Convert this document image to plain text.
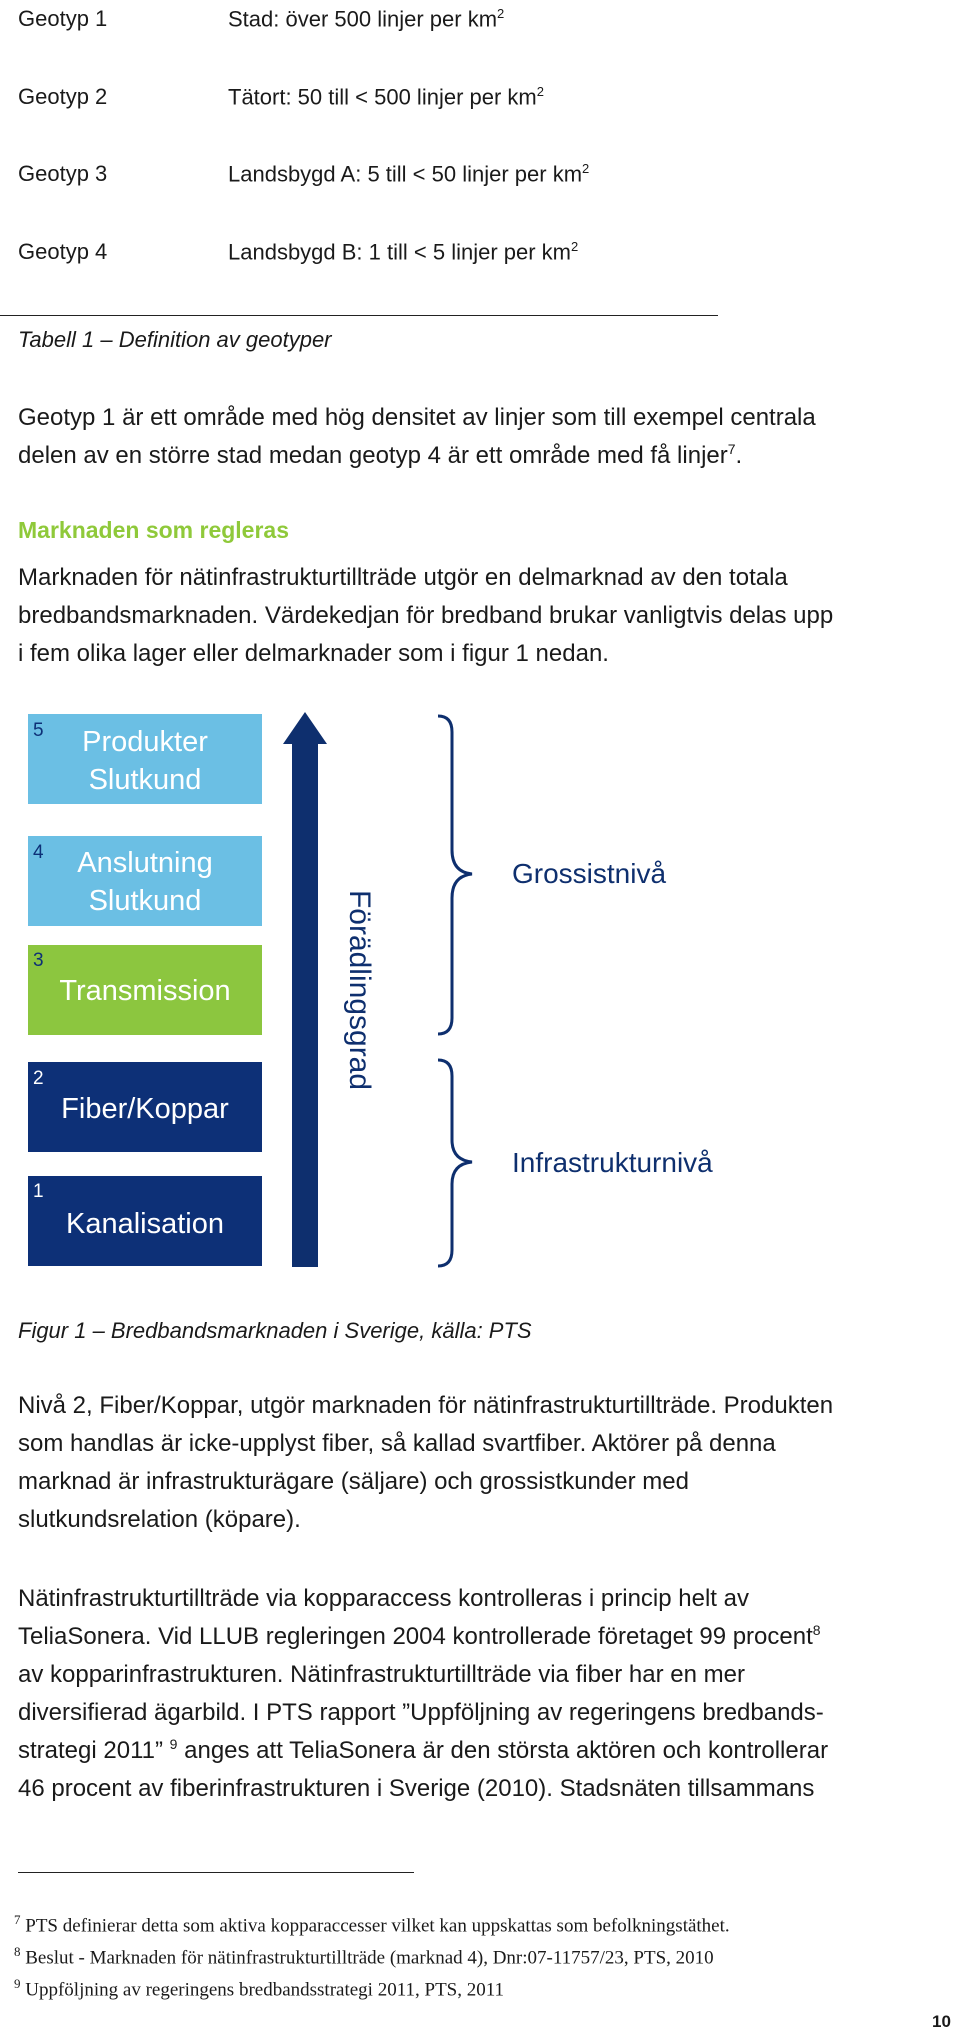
Geotyp 1	Stad: över 500 linjer per $km^2$
Geotyp 2	Tätort: 50 till < 500 linjer per $km^2$
Geotyp 3	Landsbygd A: 5 till < 50 linjer per $km^2$
Geotyp 4	Landsbygd B: 1 till < 5 linjer per $km^2$
Tabell 1 – Definition av geotyper
Geotyp 1 är ett område med hög densitet av linjer som till exempel centrala
delen av en större stad medan geotyp 4 är ett område med få linjer$^7$.
Marknaden som regleras
Marknaden för nätinfrastrukturtillträde utgör en delmarknad av den totala
bredbandsmarknaden. Värdekedjan för bredband brukar vanligtvis delas upp
i fem olika lager eller delmarknader som i figur 1 nedan.
5 Produkter
Slutkund
4 Anslutning
Slutkund
3
Transmission
2
Fiber/Koppar
1
Kanalisation
Förädlingsgrad
Grossistnivå
Infrastrukturnivå
Figur 1 – Bredbandsmarknaden i Sverige, källa: PTS
Nivå 2, Fiber/Koppar, utgör marknaden för nätinfrastrukturtillträde. Produkten
som handlas är icke-upplyst fiber, så kallad svartfiber. Aktörer på denna
marknad är infrastrukturägare (säljare) och grossistkunder med
slutkundsrelation (köpare).
Nätinfrastrukturtillträde via kopparaccess kontrolleras i princip helt av
TeliaSonera. Vid LLUB regleringen 2004 kontrollerade företaget 99 procent$^8$
av kopparinfrastrukturen. Nätinfrastrukturtillträde via fiber har en mer
diversifierad ägarbild. I PTS rapport ”Uppföljning av regeringens bredbands-
strategi 2011” $^9$ anges att TeliaSonera är den största aktören och kontrollerar
46 procent av fiberinfrastrukturen i Sverige (2010). Stadsnäten tillsammans
$^7$ PTS definierar detta som aktiva kopparaccesser vilket kan uppskattas som befolkningstäthet.
$^8$ Beslut - Marknaden för nätinfrastrukturtillträde (marknad 4), Dnr:07-11757/23, PTS, 2010
$^9$ Uppföljning av regeringens bredbandsstrategi 2011, PTS, 2011
10
